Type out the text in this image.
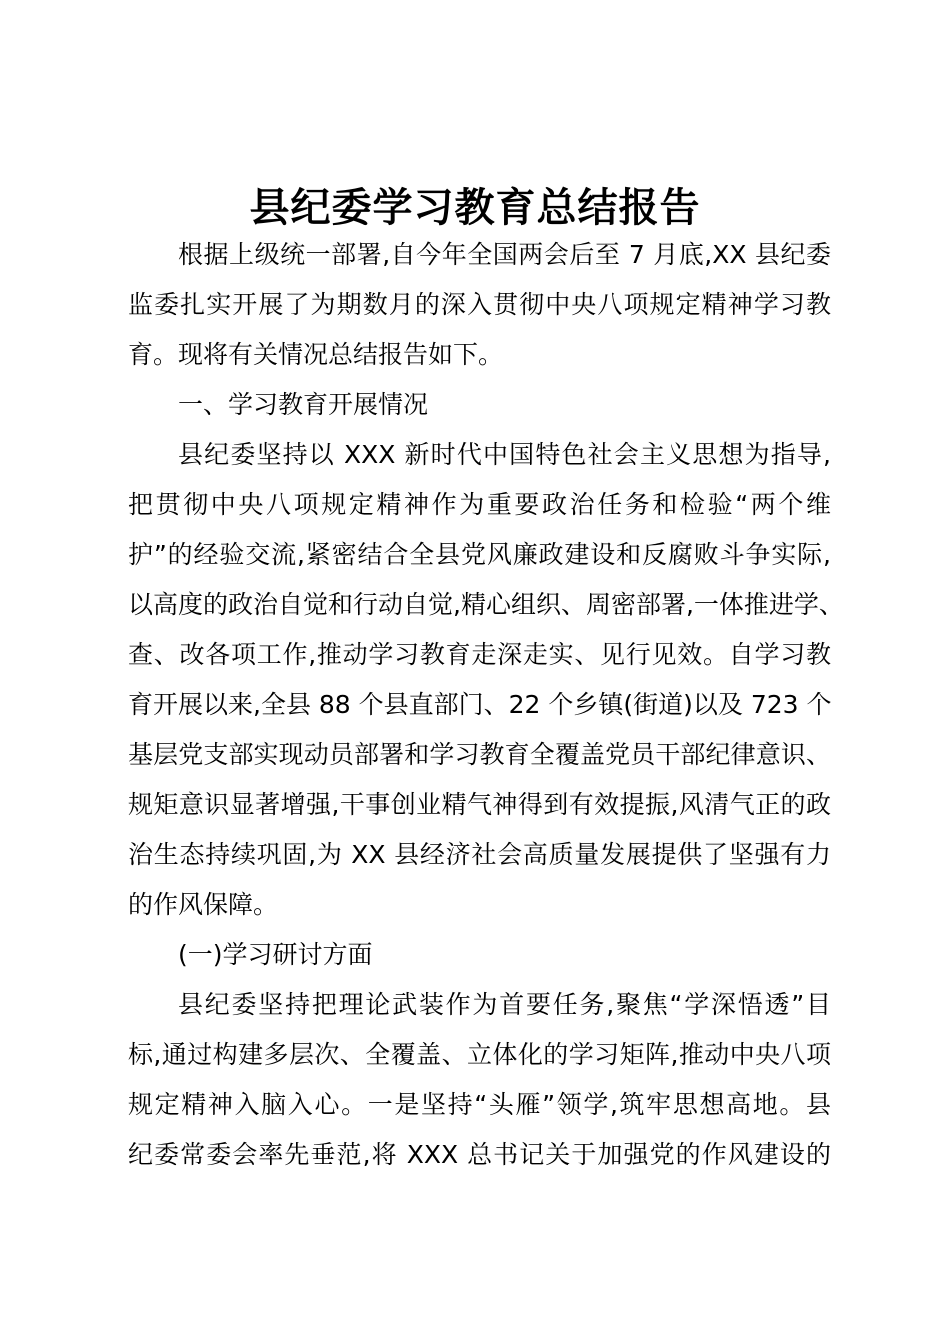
县纪委学习教育总结报告
根据上级统一部署,自今年全国两会后至 7 月底,XX 县纪委
监委扎实开展了为期数月的深入贯彻中央八项规定精神学习教
育。现将有关情况总结报告如下。
一、学习教育开展情况
县纪委坚持以 XXX 新时代中国特色社会主义思想为指导,
把贯彻中央八项规定精神作为重要政治任务和检验“两个维
护”的经验交流,紧密结合全县党风廉政建设和反腐败斗争实际,
以高度的政治自觉和行动自觉,精心组织、周密部署,一体推进学、
查、改各项工作,推动学习教育走深走实、见行见效。自学习教
育开展以来,全县 88 个县直部门、22 个乡镇(街道)以及 723 个
基层党支部实现动员部署和学习教育全覆盖党员干部纪律意识、
规矩意识显著增强,干事创业精气神得到有效提振,风清气正的政
治生态持续巩固,为 XX 县经济社会高质量发展提供了坚强有力
的作风保障。
(一)学习研讨方面
县纪委坚持把理论武装作为首要任务,聚焦“学深悟透”目
标,通过构建多层次、全覆盖、立体化的学习矩阵,推动中央八项
规定精神入脑入心。一是坚持“头雁”领学,筑牢思想高地。县
纪委常委会率先垂范,将 XXX 总书记关于加强党的作风建设的
